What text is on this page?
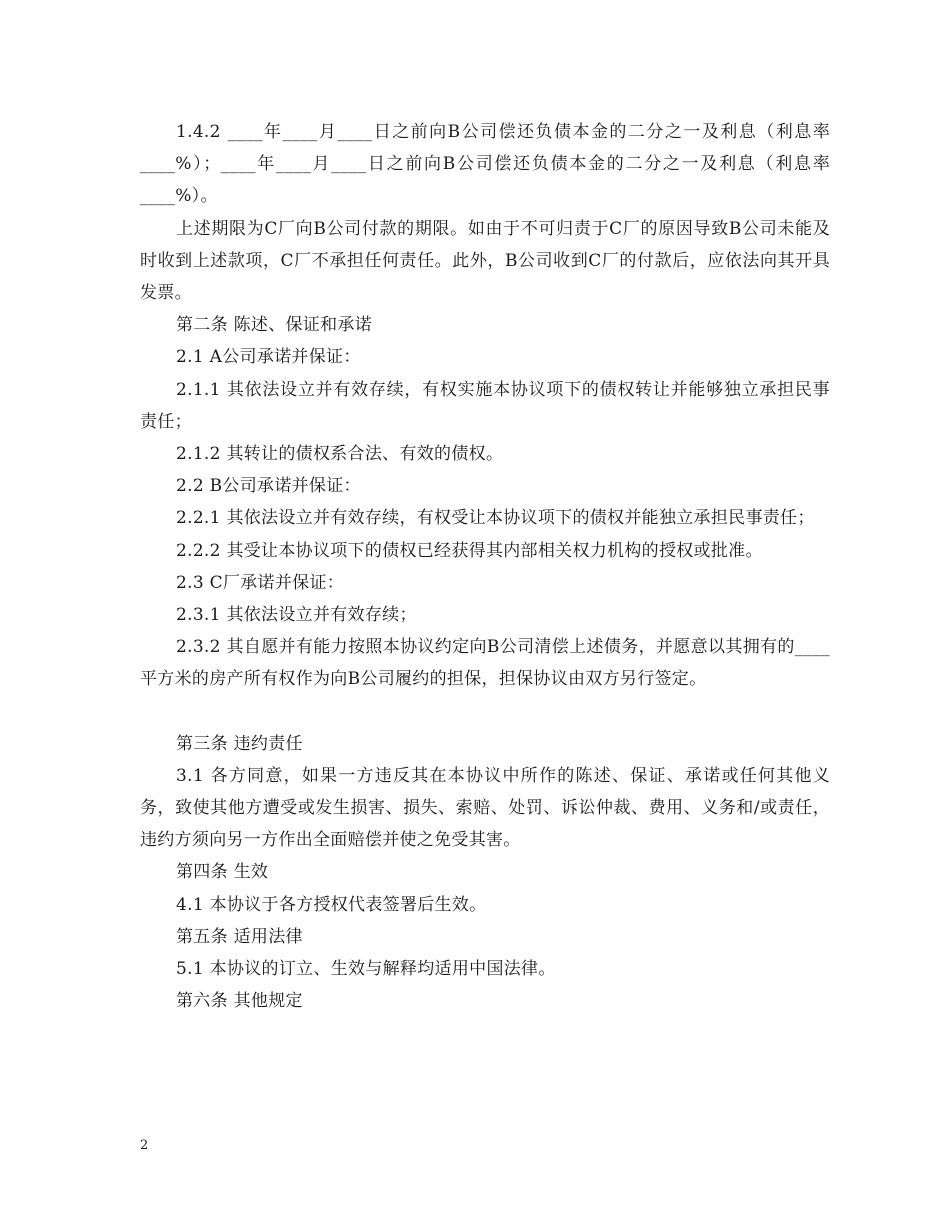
1.4.2 ____年____月____日之前向B公司偿还负债本金的二分之一及利息（利息率____%）；____年____月____日之前向B公司偿还负债本金的二分之一及利息（利息率____%）。

上述期限为C厂向B公司付款的期限。如由于不可归责于C厂的原因导致B公司未能及时收到上述款项，C厂不承担任何责任。此外，B公司收到C厂的付款后，应依法向其开具发票。

第二条 陈述、保证和承诺

2.1 A公司承诺并保证：

2.1.1 其依法设立并有效存续，有权实施本协议项下的债权转让并能够独立承担民事责任；

2.1.2 其转让的债权系合法、有效的债权。

2.2 B公司承诺并保证：

2.2.1 其依法设立并有效存续，有权受让本协议项下的债权并能独立承担民事责任；

2.2.2 其受让本协议项下的债权已经获得其内部相关权力机构的授权或批准。

2.3 C厂承诺并保证：

2.3.1 其依法设立并有效存续；

2.3.2 其自愿并有能力按照本协议约定向B公司清偿上述债务，并愿意以其拥有的____平方米的房产所有权作为向B公司履约的担保，担保协议由双方另行签定。

第三条 违约责任

3.1 各方同意，如果一方违反其在本协议中所作的陈述、保证、承诺或任何其他义务，致使其他方遭受或发生损害、损失、索赔、处罚、诉讼仲裁、费用、义务和/或责任，违约方须向另一方作出全面赔偿并使之免受其害。

第四条 生效

4.1 本协议于各方授权代表签署后生效。

第五条 适用法律

5.1 本协议的订立、生效与解释均适用中国法律。

第六条 其他规定

2
